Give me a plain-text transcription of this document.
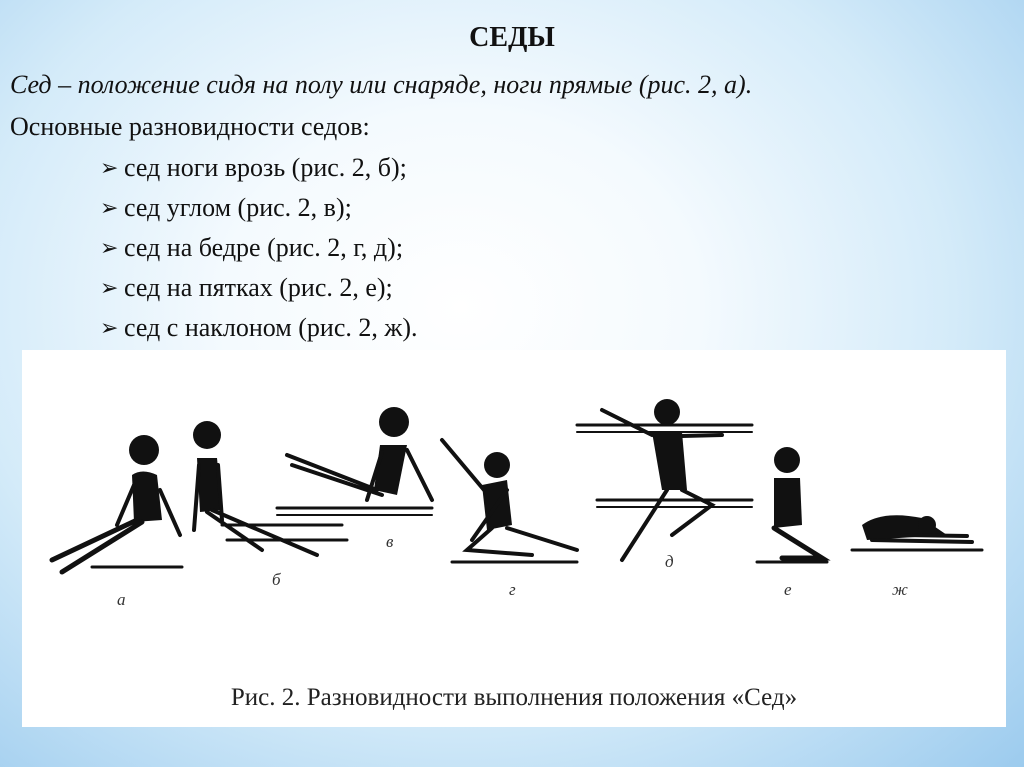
СЕДЫ
Сед – положение сидя на полу или снаряде, ноги прямые (рис. 2, а).
Основные разновидности седов:
➢ сед ноги врозь (рис. 2, б);
➢ сед углом (рис. 2, в);
➢ сед на бедре (рис. 2, г, д);
➢ сед на пятках (рис. 2, е);
➢ сед с наклоном (рис. 2, ж).
а
б
в
г
д
е	ж
Рис. 2. Разновидности выполнения положения «Сед»
